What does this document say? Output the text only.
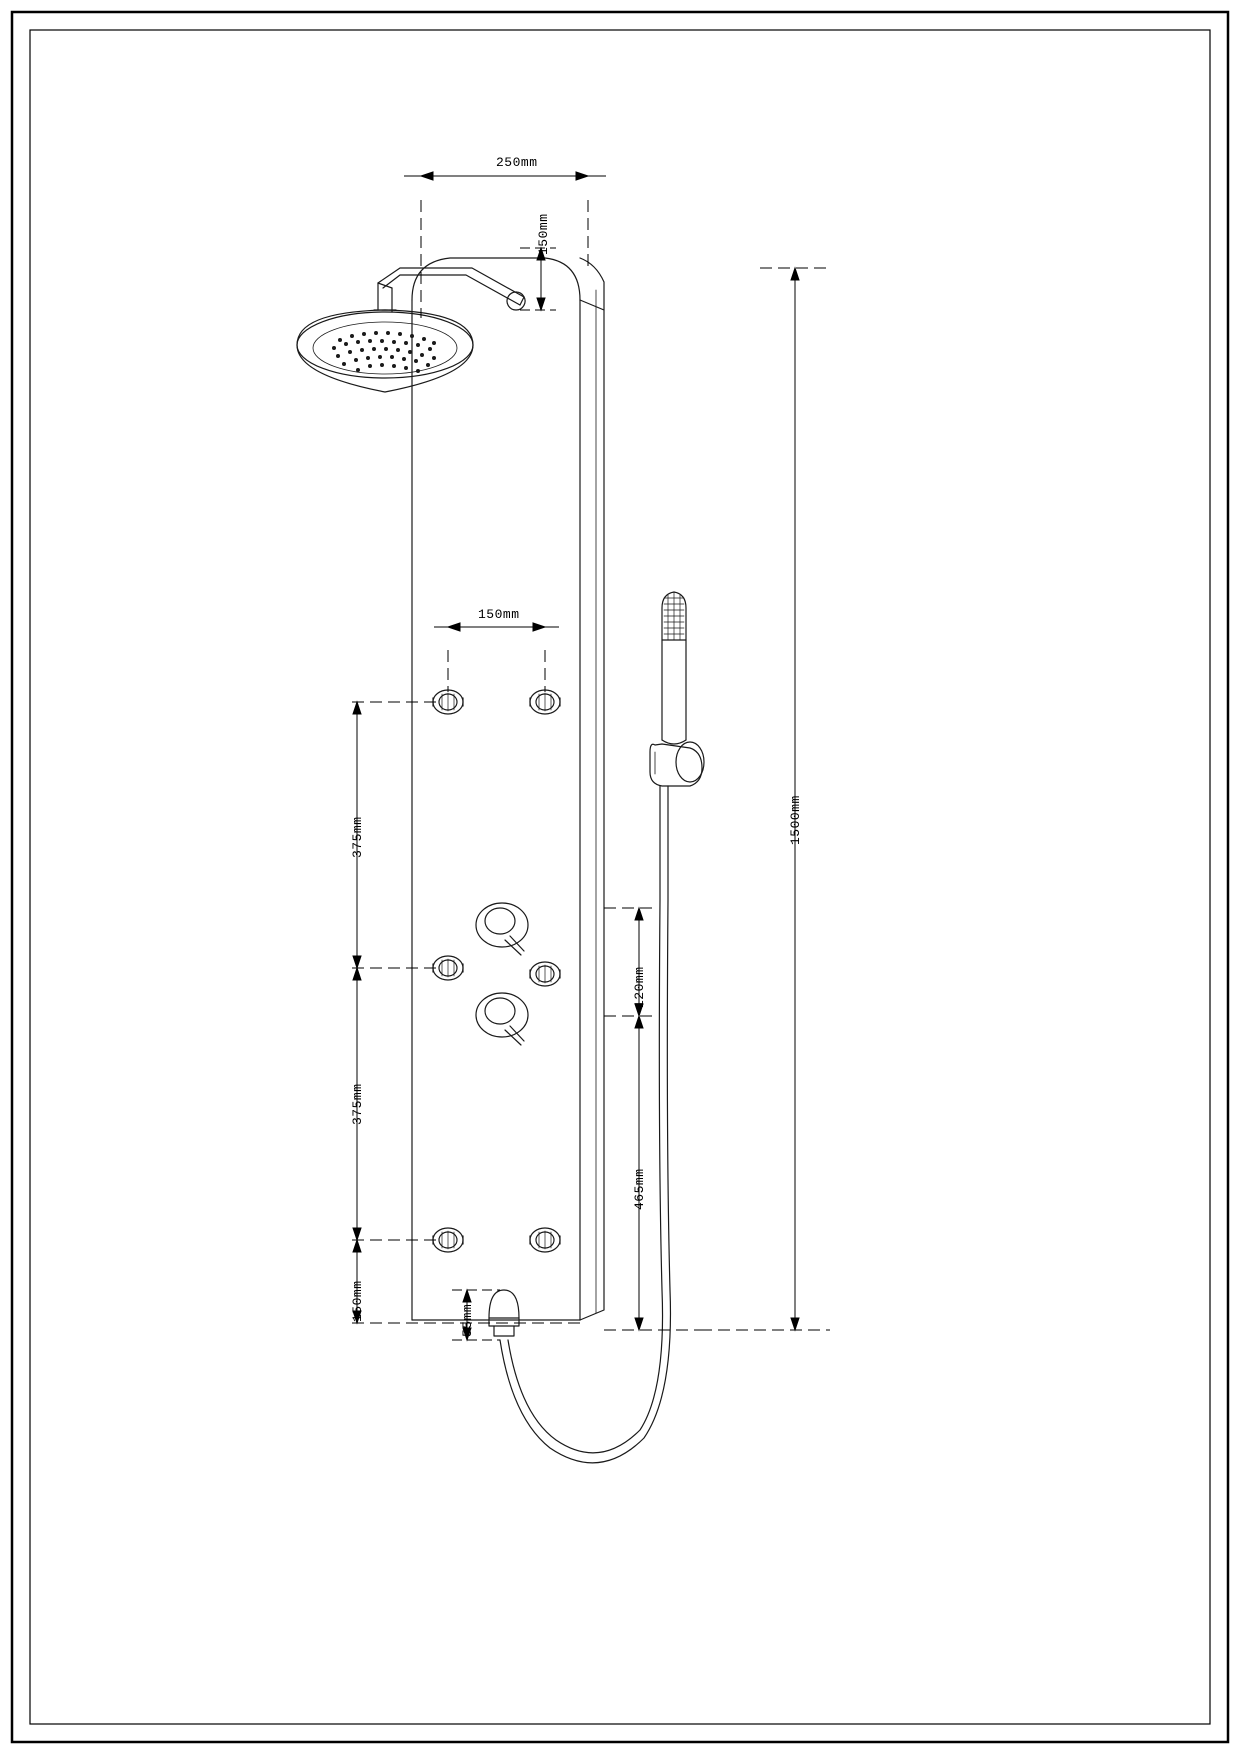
250mm
150mm
150mm
375mm
375mm
150mm	55mm
120mm
465mm
1500mm
